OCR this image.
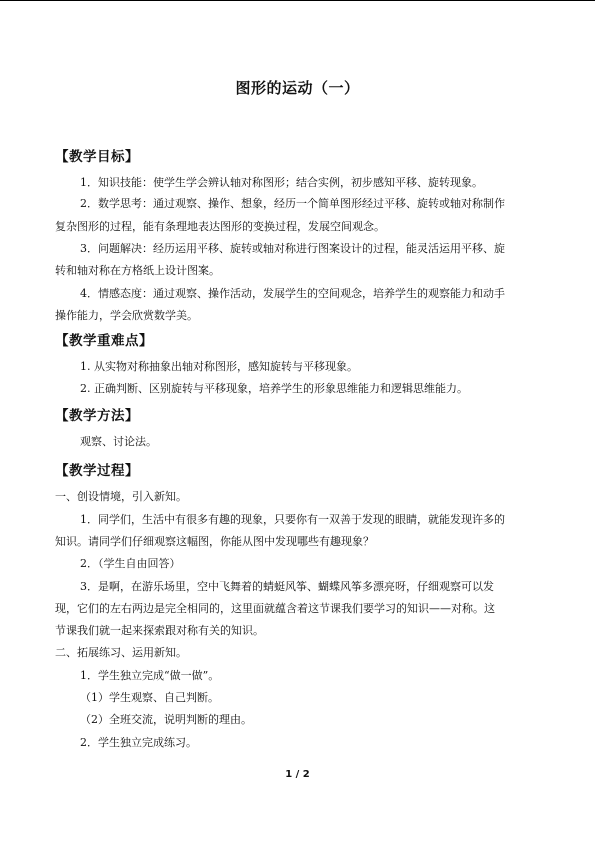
图形的运动（一）
【教学目标】
1．知识技能：使学生学会辨认轴对称图形；结合实例，初步感知平移、旋转现象。
2．数学思考：通过观察、操作、想象，经历一个简单图形经过平移、旋转或轴对称制作
复杂图形的过程，能有条理地表达图形的变换过程，发展空间观念。
3．问题解决：经历运用平移、旋转或轴对称进行图案设计的过程，能灵活运用平移、旋
转和轴对称在方格纸上设计图案。
4．情感态度：通过观察、操作活动，发展学生的空间观念，培养学生的观察能力和动手
操作能力，学会欣赏数学美。
【教学重难点】
1. 从实物对称抽象出轴对称图形，感知旋转与平移现象。
2. 正确判断、区别旋转与平移现象，培养学生的形象思维能力和逻辑思维能力。
【教学方法】
观察、讨论法。
【教学过程】
一、创设情境，引入新知。
1．同学们，生活中有很多有趣的现象，只要你有一双善于发现的眼睛，就能发现许多的
知识。请同学们仔细观察这幅图，你能从图中发现哪些有趣现象？
2．（学生自由回答）
3．是啊，在游乐场里，空中飞舞着的蜻蜓风筝、蝴蝶风筝多漂亮呀，仔细观察可以发
现，它们的左右两边是完全相同的，这里面就蕴含着这节课我们要学习的知识——对称。这
节课我们就一起来探索跟对称有关的知识。
二、拓展练习、运用新知。
1．学生独立完成“做一做”。
（1）学生观察、自己判断。
（2）全班交流，说明判断的理由。
2．学生独立完成练习。
1 / 2
